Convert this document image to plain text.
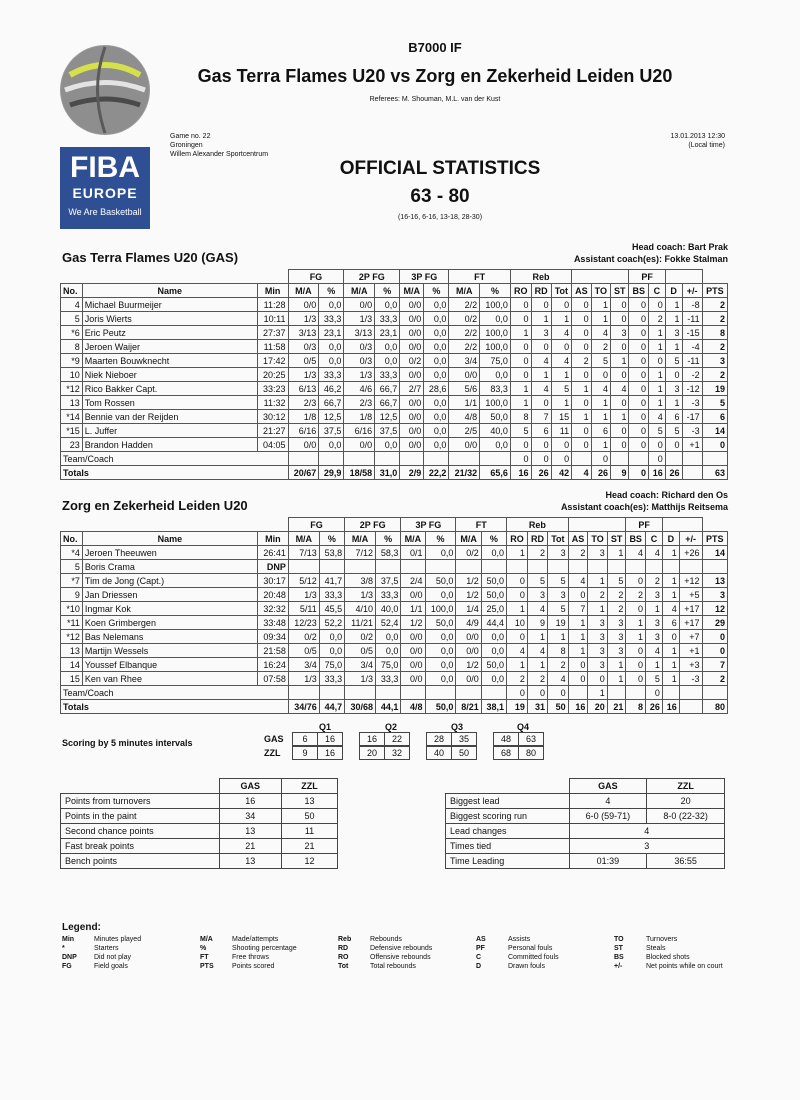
FIBA
EUROPE
We Are Basketball
B7000 IF
Gas Terra Flames U20 vs Zorg en Zekerheid Leiden U20
Referees: M. Shouman, M.L. van der Kust
Game no. 22
Groningen
Willem Alexander Sportcentrum
13.01.2013 12:30
(Local time)
OFFICIAL STATISTICS
63 - 80
(16-16, 6-16, 13-18, 28-30)
Gas Terra Flames U20 (GAS)
Head coach: Bart Prak
Assistant coach(es): Fokke Stalman
			FG		2P FG		3P FG		FT		Reb						PF				
No.	Name	Min	M/A	%	M/A	%	M/A	%	M/A	%	RO	RD	Tot	AS	TO	ST	BS	C	D	+/-	PTS
4	Michael Buurmeijer	11:28	0/0	0,0	0/0	0,0	0/0	0,0	2/2	100,0	0	0	0	0	1	0	0	0	1	-8	2
5	Joris Wierts	10:11	1/3	33,3	1/3	33,3	0/0	0,0	0/2	0,0	0	1	1	0	1	0	0	2	1	-11	2
*6	Eric Peutz	27:37	3/13	23,1	3/13	23,1	0/0	0,0	2/2	100,0	1	3	4	0	4	3	0	1	3	-15	8
8	Jeroen Waijer	11:58	0/3	0,0	0/3	0,0	0/0	0,0	2/2	100,0	0	0	0	0	2	0	0	1	1	-4	2
*9	Maarten Bouwknecht	17:42	0/5	0,0	0/3	0,0	0/2	0,0	3/4	75,0	0	4	4	2	5	1	0	0	5	-11	3
10	Niek Nieboer	20:25	1/3	33,3	1/3	33,3	0/0	0,0	0/0	0,0	0	1	1	0	0	0	0	1	0	-2	2
*12	Rico Bakker Capt.	33:23	6/13	46,2	4/6	66,7	2/7	28,6	5/6	83,3	1	4	5	1	4	4	0	1	3	-12	19
13	Tom Rossen	11:32	2/3	66,7	2/3	66,7	0/0	0,0	1/1	100,0	1	0	1	0	1	0	0	1	1	-3	5
*14	Bennie van der Reijden	30:12	1/8	12,5	1/8	12,5	0/0	0,0	4/8	50,0	8	7	15	1	1	1	0	4	6	-17	6
*15	L. Juffer	21:27	6/16	37,5	6/16	37,5	0/0	0,0	2/5	40,0	5	6	11	0	6	0	0	5	5	-3	14
23	Brandon Hadden	04:05	0/0	0,0	0/0	0,0	0/0	0,0	0/0	0,0	0	0	0	0	1	0	0	0	0	+1	0
Team/Coach											0	0	0		0			0			
Totals			20/67	29,9	18/58	31,0	2/9	22,2	21/32	65,6	16	26	42	4	26	9	0	16	26		63
Zorg en Zekerheid Leiden U20
Head coach: Richard den Os
Assistant coach(es): Matthijs Reitsema
			FG		2P FG		3P FG		FT		Reb						PF				
No.	Name	Min	M/A	%	M/A	%	M/A	%	M/A	%	RO	RD	Tot	AS	TO	ST	BS	C	D	+/-	PTS
*4	Jeroen Theeuwen	26:41	7/13	53,8	7/12	58,3	0/1	0,0	0/2	0,0	1	2	3	2	3	1	4	4	1	+26	14
5	Boris Crama	DNP																			
*7	Tim de Jong (Capt.)	30:17	5/12	41,7	3/8	37,5	2/4	50,0	1/2	50,0	0	5	5	4	1	5	0	2	1	+12	13
9	Jan Driessen	20:48	1/3	33,3	1/3	33,3	0/0	0,0	1/2	50,0	0	3	3	0	2	2	2	3	1	+5	3
*10	Ingmar Kok	32:32	5/11	45,5	4/10	40,0	1/1	100,0	1/4	25,0	1	4	5	7	1	2	0	1	4	+17	12
*11	Koen Grimbergen	33:48	12/23	52,2	11/21	52,4	1/2	50,0	4/9	44,4	10	9	19	1	3	3	1	3	6	+17	29
*12	Bas Nelemans	09:34	0/2	0,0	0/2	0,0	0/0	0,0	0/0	0,0	0	1	1	1	3	3	1	3	0	+7	0
13	Martijn Wessels	21:58	0/5	0,0	0/5	0,0	0/0	0,0	0/0	0,0	4	4	8	1	3	3	0	4	1	+1	0
14	Youssef Elbanque	16:24	3/4	75,0	3/4	75,0	0/0	0,0	1/2	50,0	1	1	2	0	3	1	0	1	1	+3	7
15	Ken van Rhee	07:58	1/3	33,3	1/3	33,3	0/0	0,0	0/0	0,0	2	2	4	0	0	1	0	5	1	-3	2
Team/Coach											0	0	0		1			0			
Totals			34/76	44,7	30/68	44,1	4/8	50,0	8/21	38,1	19	31	50	16	20	21	8	26	16		80
Scoring by 5 minutes intervals
Q1	Q2	Q3	Q4
GAS	6	16	16	22	28	35	48	63
ZZL	9	16	20	32	40	50	68	80
	GAS	ZZL
Points from turnovers	16	13
Points in the paint	34	50
Second chance points	13	11
Fast break points	21	21
Bench points	13	12
	GAS	ZZL
Biggest lead	4	20
Biggest scoring run	6-0 (59-71)	8-0 (22-32)
Lead changes	4	
Times tied	3	
Time Leading	01:39	36:55
Legend:
Min	Minutes played
*	Starters
DNP	Did not play
FG	Field goals
M/A	Made/attempts
%	Shooting percentage
FT	Free throws
PTS	Points scored
Reb	Rebounds
RD	Defensive rebounds
RO	Offensive rebounds
Tot	Total rebounds
AS	Assists
PF	Personal fouls
C	Committed fouls
D	Drawn fouls
TO	Turnovers
ST	Steals
BS	Blocked shots
+/-	Net points while on court
